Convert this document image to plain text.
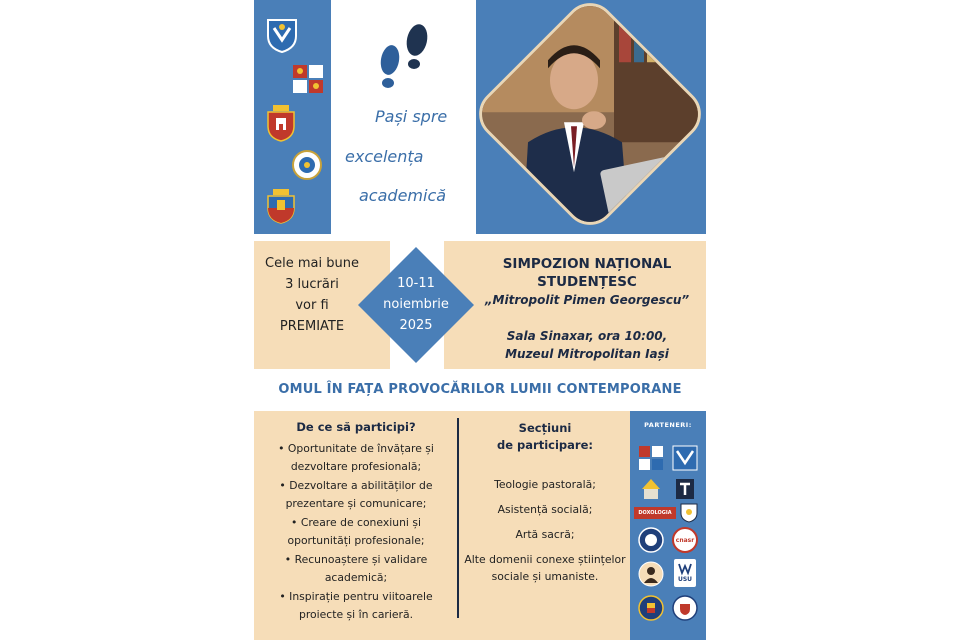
Pași spre
excelența
academică
Cele mai bune
3 lucrări
vor fi
PREMIATE
10-11
noiembrie
2025
SIMPOZION NAȚIONAL
STUDENȚESC
„Mitropolit Pimen Georgescu”
Sala Sinaxar, ora 10:00,
Muzeul Mitropolitan Iași
OMUL ÎN FAȚA PROVOCĂRILOR LUMII CONTEMPORANE
De ce să participi?
• Oportunitate de învățare și dezvoltare profesională;
• Dezvoltare a abilităților de prezentare și comunicare;
• Creare de conexiuni și oportunități profesionale;
• Recunoaștere și validare academică;
• Inspirație pentru viitoarele proiecte și în carieră.
Secțiuni
de participare:
Teologie pastorală;
Asistență socială;
Artă sacră;
Alte domenii conexe științelor sociale și umaniste.
PARTENERI:
DOXOLOGIA
cnasr
USU
